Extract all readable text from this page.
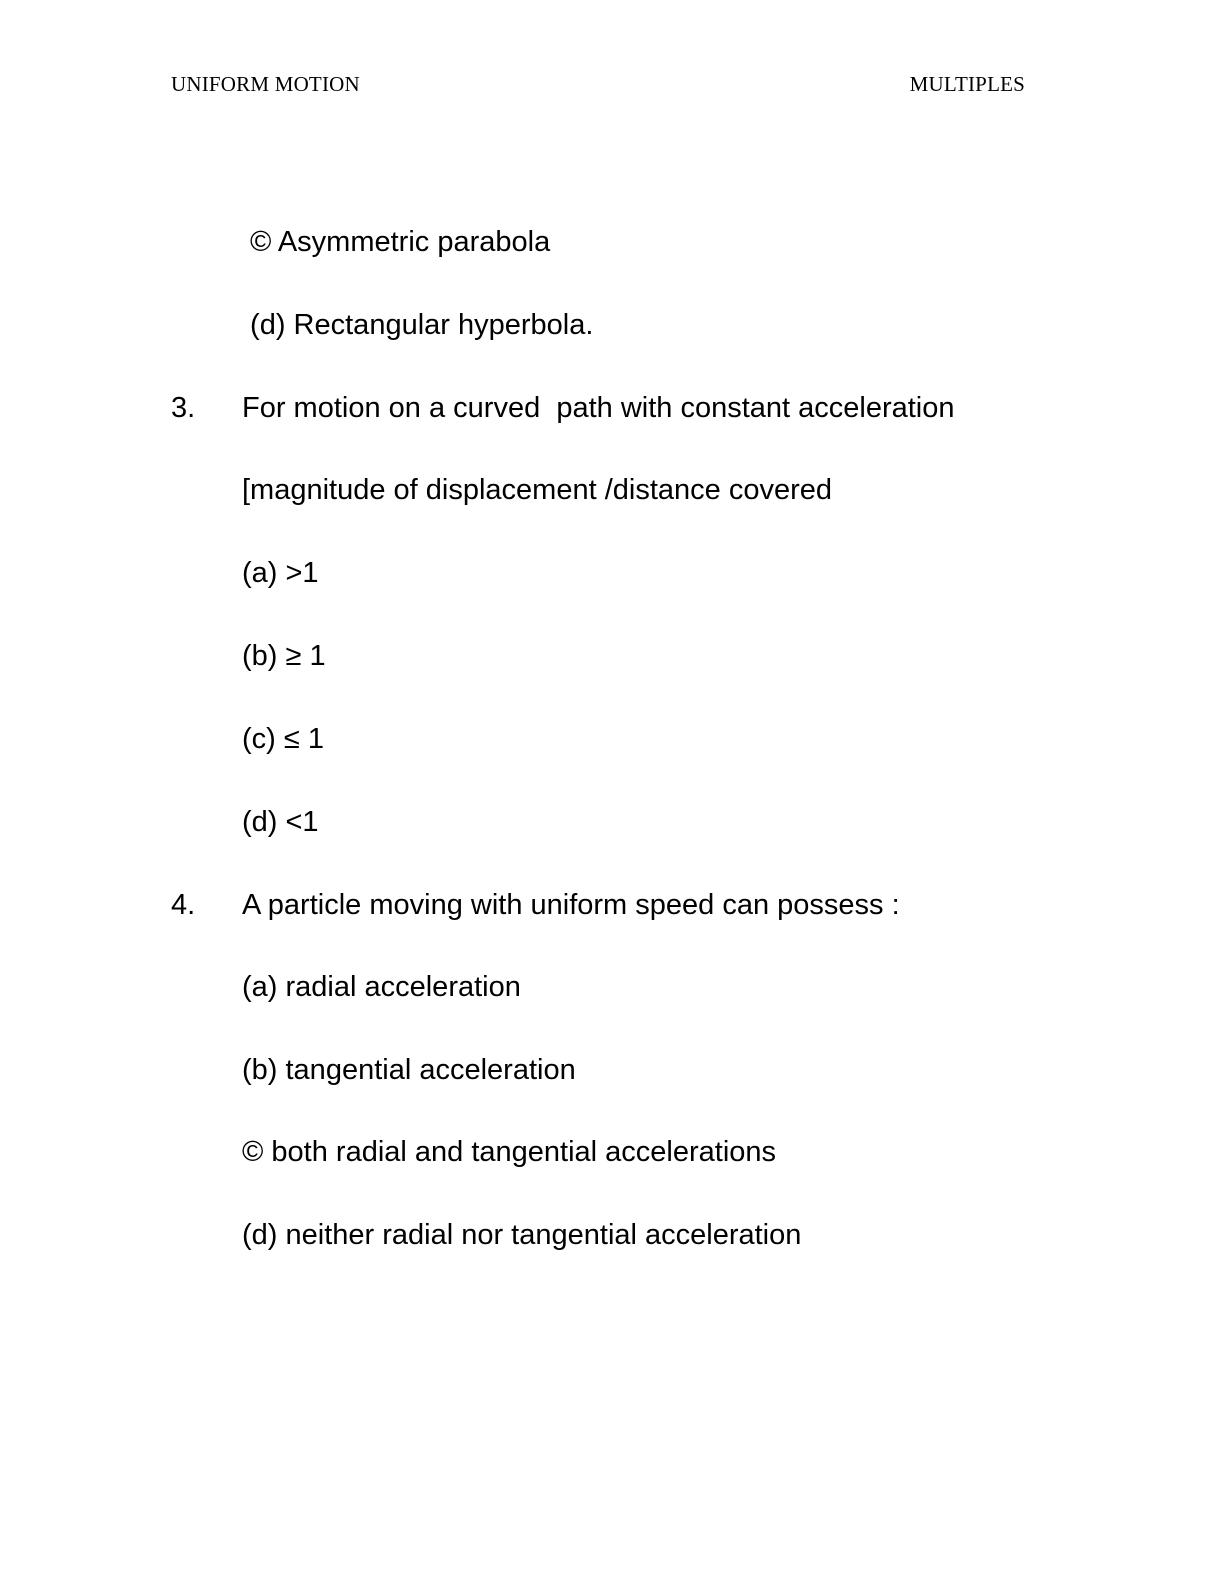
UNIFORM MOTION	MULTIPLES
© Asymmetric parabola
(d) Rectangular hyperbola.
3. For motion on a curved  path with constant acceleration
[magnitude of displacement /distance covered
(a) >1
(b) ≥ 1
(c) ≤ 1
(d) <1
4. A particle moving with uniform speed can possess :
(a) radial acceleration
(b) tangential acceleration
© both radial and tangential accelerations
(d) neither radial nor tangential acceleration
